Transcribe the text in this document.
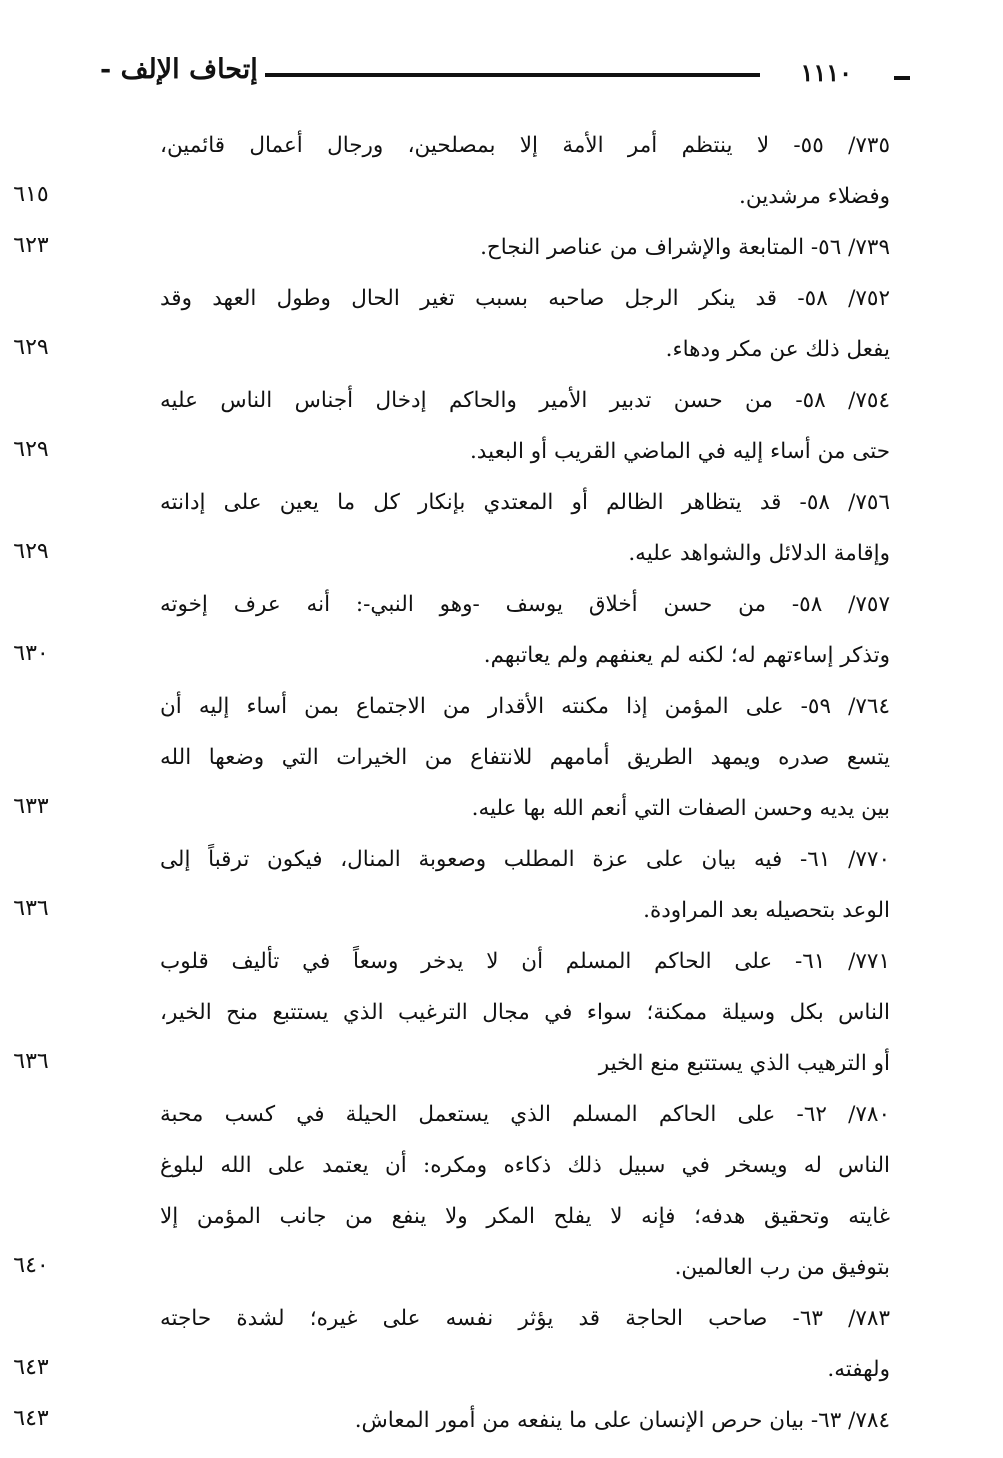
١١١٠
إتحاف الإلف -
٧٣٥/ ٥٥- لا ينتظم أمر الأمة إلا بمصلحين، ورجال أعمال قائمين،
وفضلاء مرشدين.
٦١٥
٧٣٩/ ٥٦- المتابعة والإشراف من عناصر النجاح.
٦٢٣
٧٥٢/ ٥٨- قد ينكر الرجل صاحبه بسبب تغير الحال وطول العهد وقد
يفعل ذلك عن مكر ودهاء.
٦٢٩
٧٥٤/ ٥٨- من حسن تدبير الأمير والحاكم إدخال أجناس الناس عليه
حتى من أساء إليه في الماضي القريب أو البعيد.
٦٢٩
٧٥٦/ ٥٨- قد يتظاهر الظالم أو المعتدي بإنكار كل ما يعين على إدانته
وإقامة الدلائل والشواهد عليه.
٦٢٩
٧٥٧/ ٥٨- من حسن أخلاق يوسف -وهو النبي-: أنه عرف إخوته
وتذكر إساءتهم له؛ لكنه لم يعنفهم ولم يعاتبهم.
٦٣٠
٧٦٤/ ٥٩- على المؤمن إذا مكنته الأقدار من الاجتماع بمن أساء إليه أن
يتسع صدره ويمهد الطريق أمامهم للانتفاع من الخيرات التي وضعها الله
بين يديه وحسن الصفات التي أنعم الله بها عليه.
٦٣٣
٧٧٠/ ٦١- فيه بيان على عزة المطلب وصعوبة المنال، فيكون ترقباً إلى
الوعد بتحصيله بعد المراودة.
٦٣٦
٧٧١/ ٦١- على الحاكم المسلم أن لا يدخر وسعاً في تأليف قلوب
الناس بكل وسيلة ممكنة؛ سواء في مجال الترغيب الذي يستتبع منح الخير،
أو الترهيب الذي يستتبع منع الخير
٦٣٦
٧٨٠/ ٦٢- على الحاكم المسلم الذي يستعمل الحيلة في كسب محبة
الناس له ويسخر في سبيل ذلك ذكاءه ومكره: أن يعتمد على الله لبلوغ
غايته وتحقيق هدفه؛ فإنه لا يفلح المكر ولا ينفع من جانب المؤمن إلا
بتوفيق من رب العالمين.
٦٤٠
٧٨٣/ ٦٣- صاحب الحاجة قد يؤثر نفسه على غيره؛ لشدة حاجته
ولهفته.
٦٤٣
٧٨٤/ ٦٣- بيان حرص الإنسان على ما ينفعه من أمور المعاش.
٦٤٣
